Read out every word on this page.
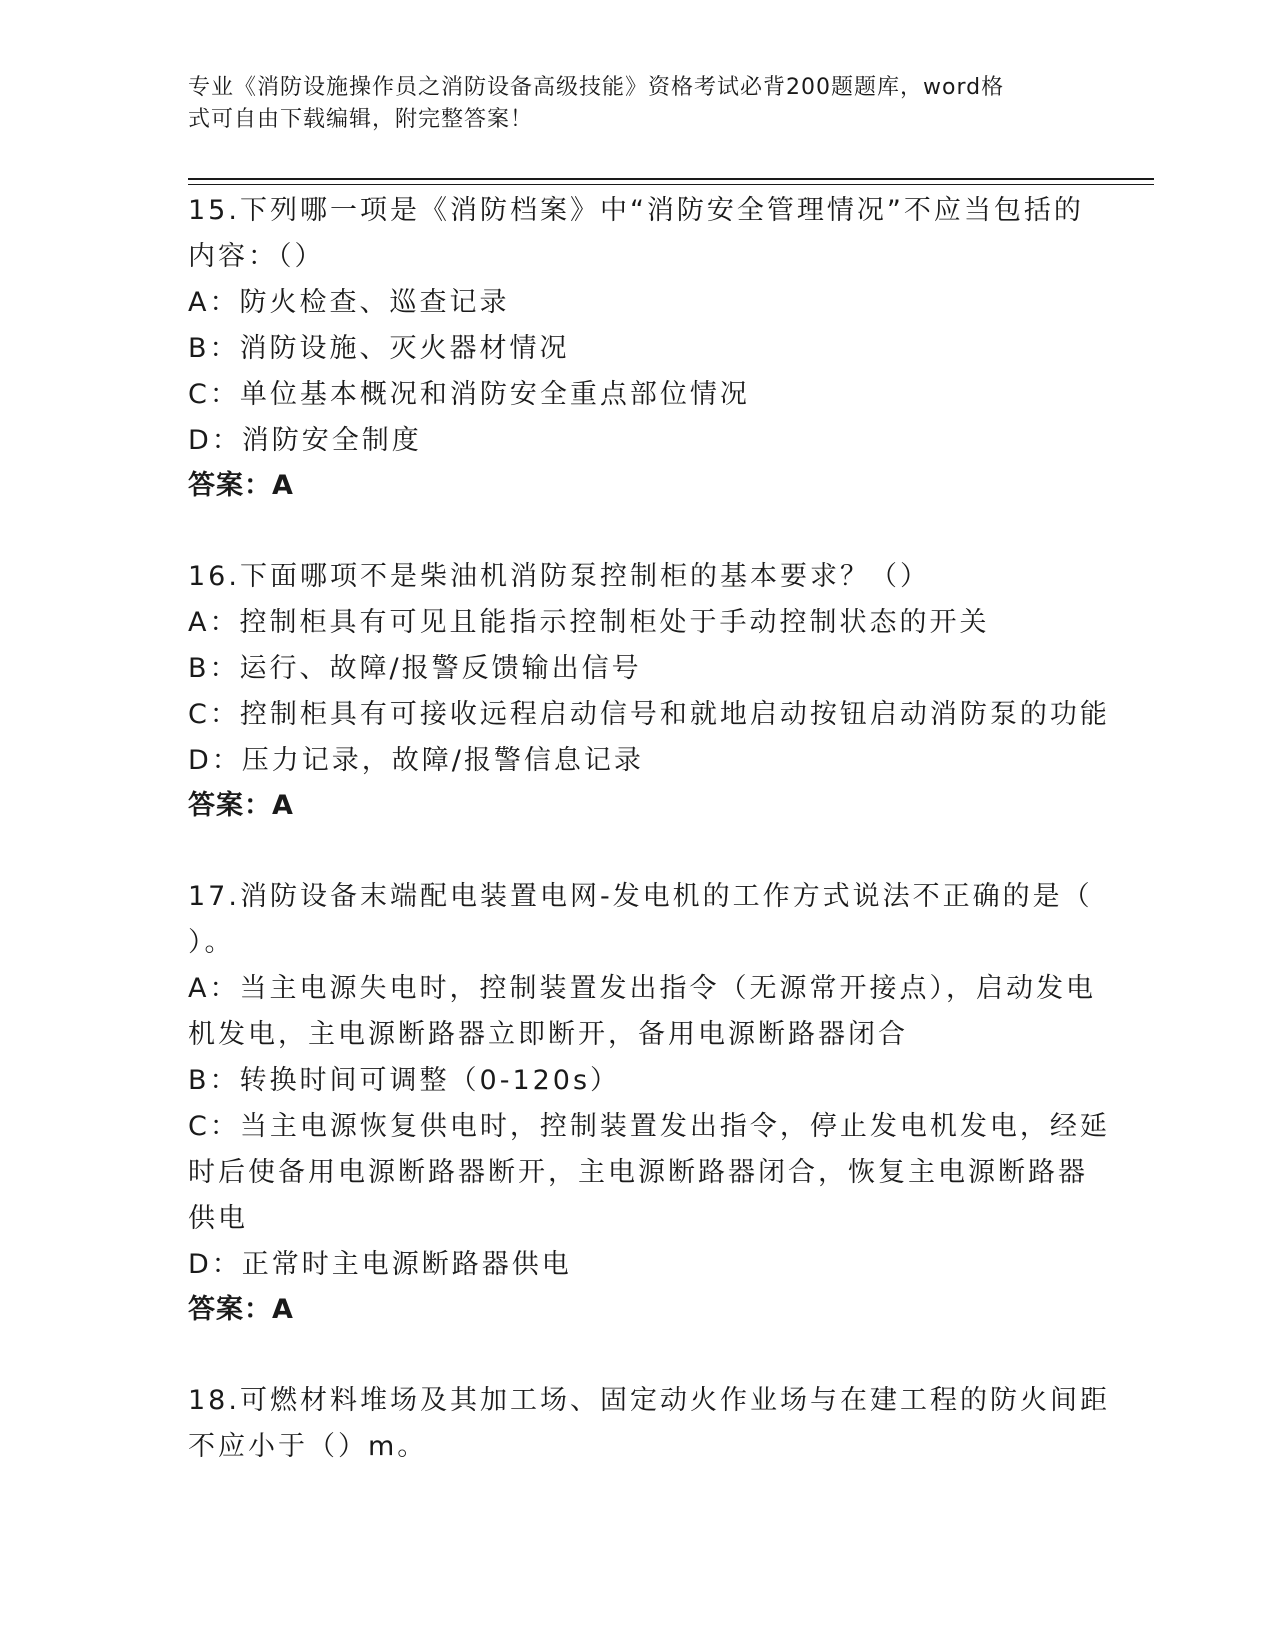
专业《消防设施操作员之消防设备高级技能》资格考试必背200题题库，word格
式可自由下载编辑，附完整答案！
15.下列哪一项是《消防档案》中“消防安全管理情况”不应当包括的
内容：（）
A：防火检查、巡查记录
B：消防设施、灭火器材情况
C：单位基本概况和消防安全重点部位情况
D：消防安全制度
答案：A
16.下面哪项不是柴油机消防泵控制柜的基本要求？（）
A：控制柜具有可见且能指示控制柜处于手动控制状态的开关
B：运行、故障/报警反馈输出信号
C：控制柜具有可接收远程启动信号和就地启动按钮启动消防泵的功能
D：压力记录，故障/报警信息记录
答案：A
17.消防设备末端配电装置电网-发电机的工作方式说法不正确的是（
）。
A：当主电源失电时，控制装置发出指令（无源常开接点），启动发电
机发电，主电源断路器立即断开，备用电源断路器闭合
B：转换时间可调整（0-120s）
C：当主电源恢复供电时，控制装置发出指令，停止发电机发电，经延
时后使备用电源断路器断开，主电源断路器闭合，恢复主电源断路器
供电
D：正常时主电源断路器供电
答案：A
18.可燃材料堆场及其加工场、固定动火作业场与在建工程的防火间距
不应小于（）m。
